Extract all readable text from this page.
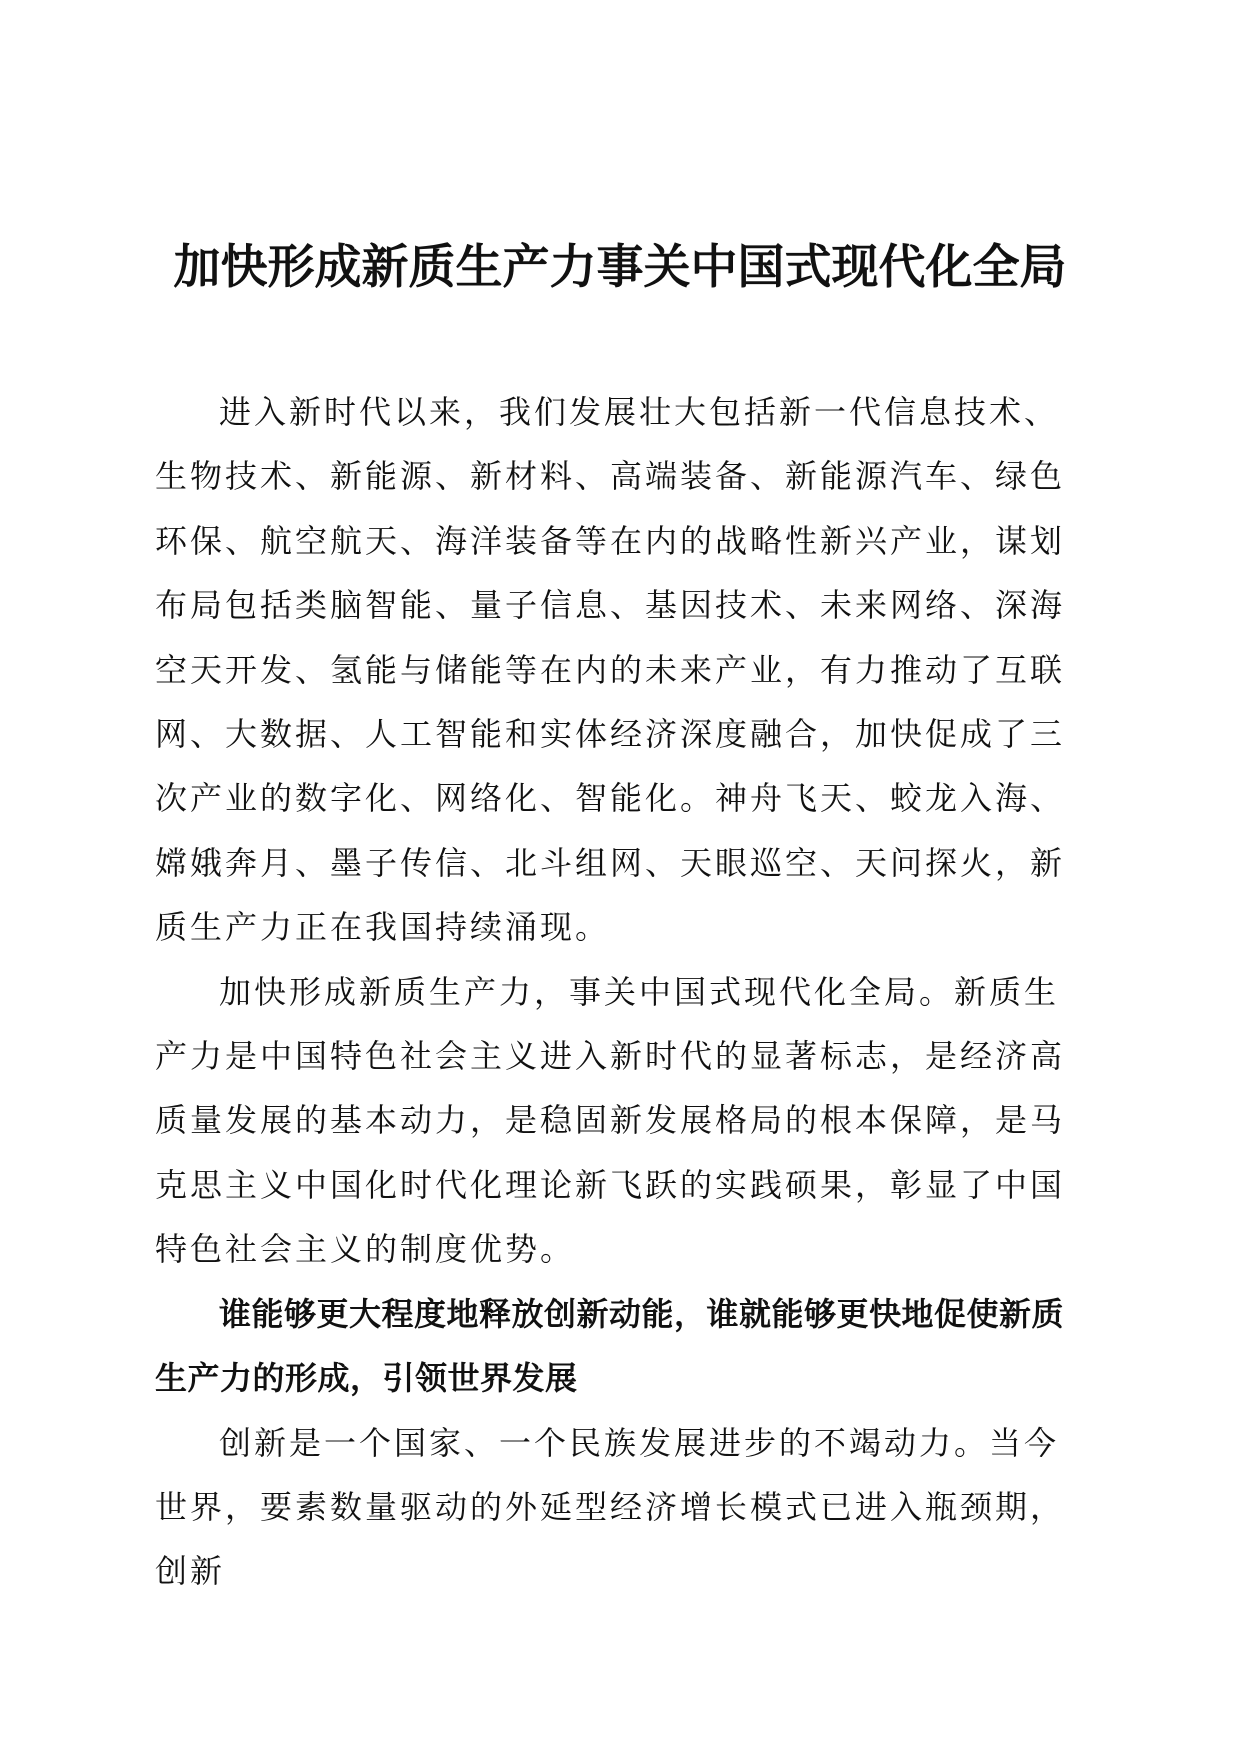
加快形成新质生产力事关中国式现代化全局

进入新时代以来，我们发展壮大包括新一代信息技术、生物技术、新能源、新材料、高端装备、新能源汽车、绿色环保、航空航天、海洋装备等在内的战略性新兴产业，谋划布局包括类脑智能、量子信息、基因技术、未来网络、深海空天开发、氢能与储能等在内的未来产业，有力推动了互联网、大数据、人工智能和实体经济深度融合，加快促成了三次产业的数字化、网络化、智能化。神舟飞天、蛟龙入海、嫦娥奔月、墨子传信、北斗组网、天眼巡空、天问探火，新质生产力正在我国持续涌现。

加快形成新质生产力，事关中国式现代化全局。新质生产力是中国特色社会主义进入新时代的显著标志，是经济高质量发展的基本动力，是稳固新发展格局的根本保障，是马克思主义中国化时代化理论新飞跃的实践硕果，彰显了中国特色社会主义的制度优势。

谁能够更大程度地释放创新动能，谁就能够更快地促使新质生产力的形成，引领世界发展

创新是一个国家、一个民族发展进步的不竭动力。当今世界，要素数量驱动的外延型经济增长模式已进入瓶颈期，创新
